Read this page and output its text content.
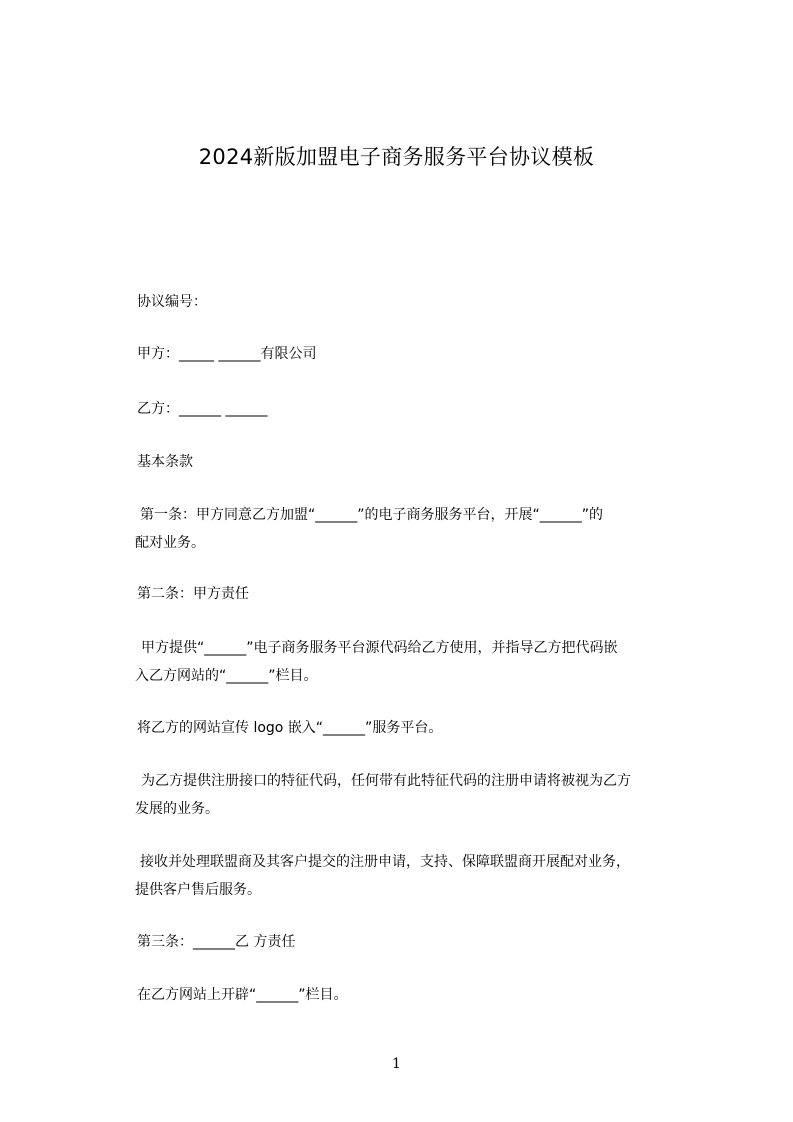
2024新版加盟电子商务服务平台协议模板
协议编号：
甲方：_____ ______有限公司
乙方：______ ______
基本条款
第一条：甲方同意乙方加盟“______”的电子商务服务平台，开展“______”的
配对业务。
第二条：甲方责任
甲方提供“______”电子商务服务平台源代码给乙方使用，并指导乙方把代码嵌
入乙方网站的“______”栏目。
将乙方的网站宣传 logo 嵌入“______”服务平台。
为乙方提供注册接口的特征代码，任何带有此特征代码的注册申请将被视为乙方
发展的业务。
接收并处理联盟商及其客户提交的注册申请，支持、保障联盟商开展配对业务，
提供客户售后服务。
第三条：______乙 方责任
在乙方网站上开辟“______”栏目。
1
